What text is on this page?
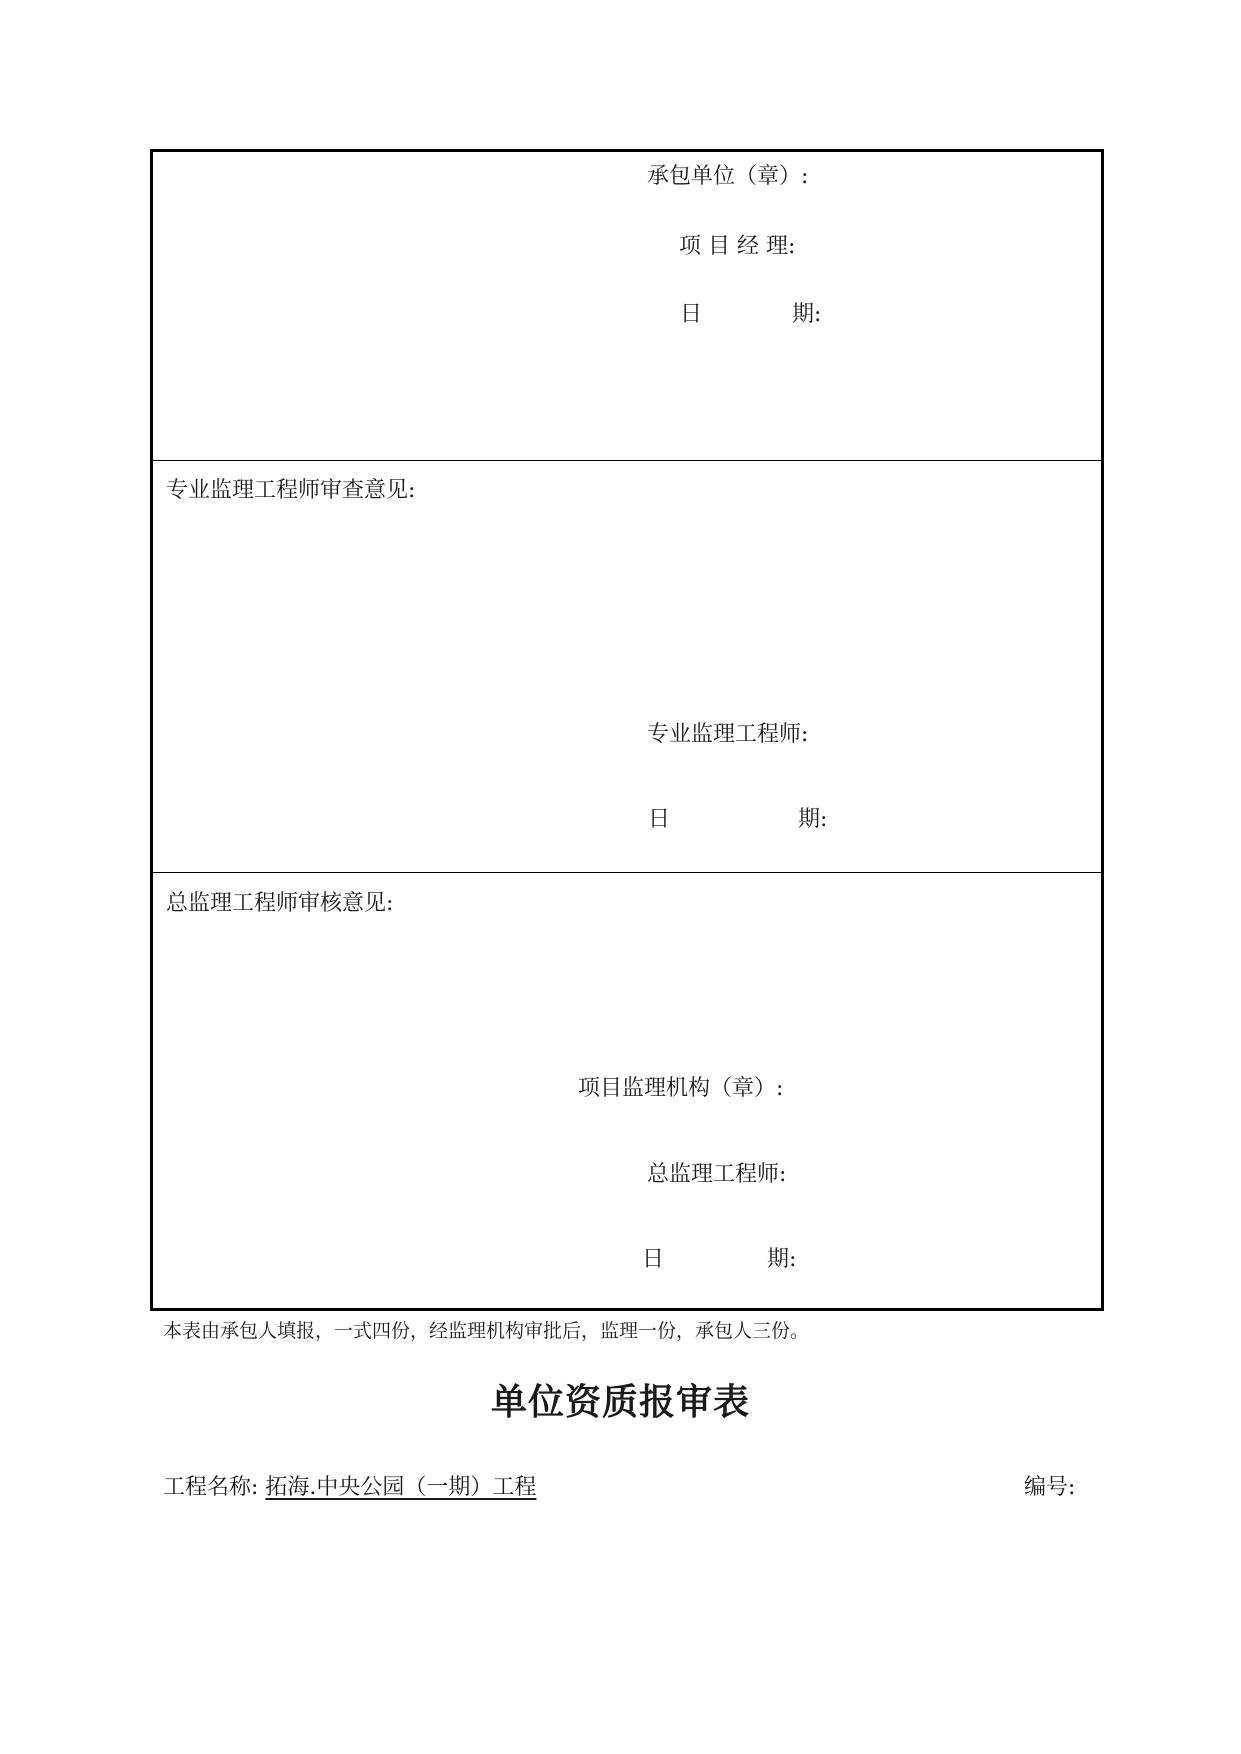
承包单位（章）:
项 目 经 理:
日	期:
专业监理工程师审查意见:
专业监理工程师:
日	期:
总监理工程师审核意见:
项目监理机构（章）:
总监理工程师:
日	期:
本表由承包人填报，一式四份，经监理机构审批后，监理一份，承包人三份。
单位资质报审表
工程名称: 拓海.中央公园（一期）工程	编号:
